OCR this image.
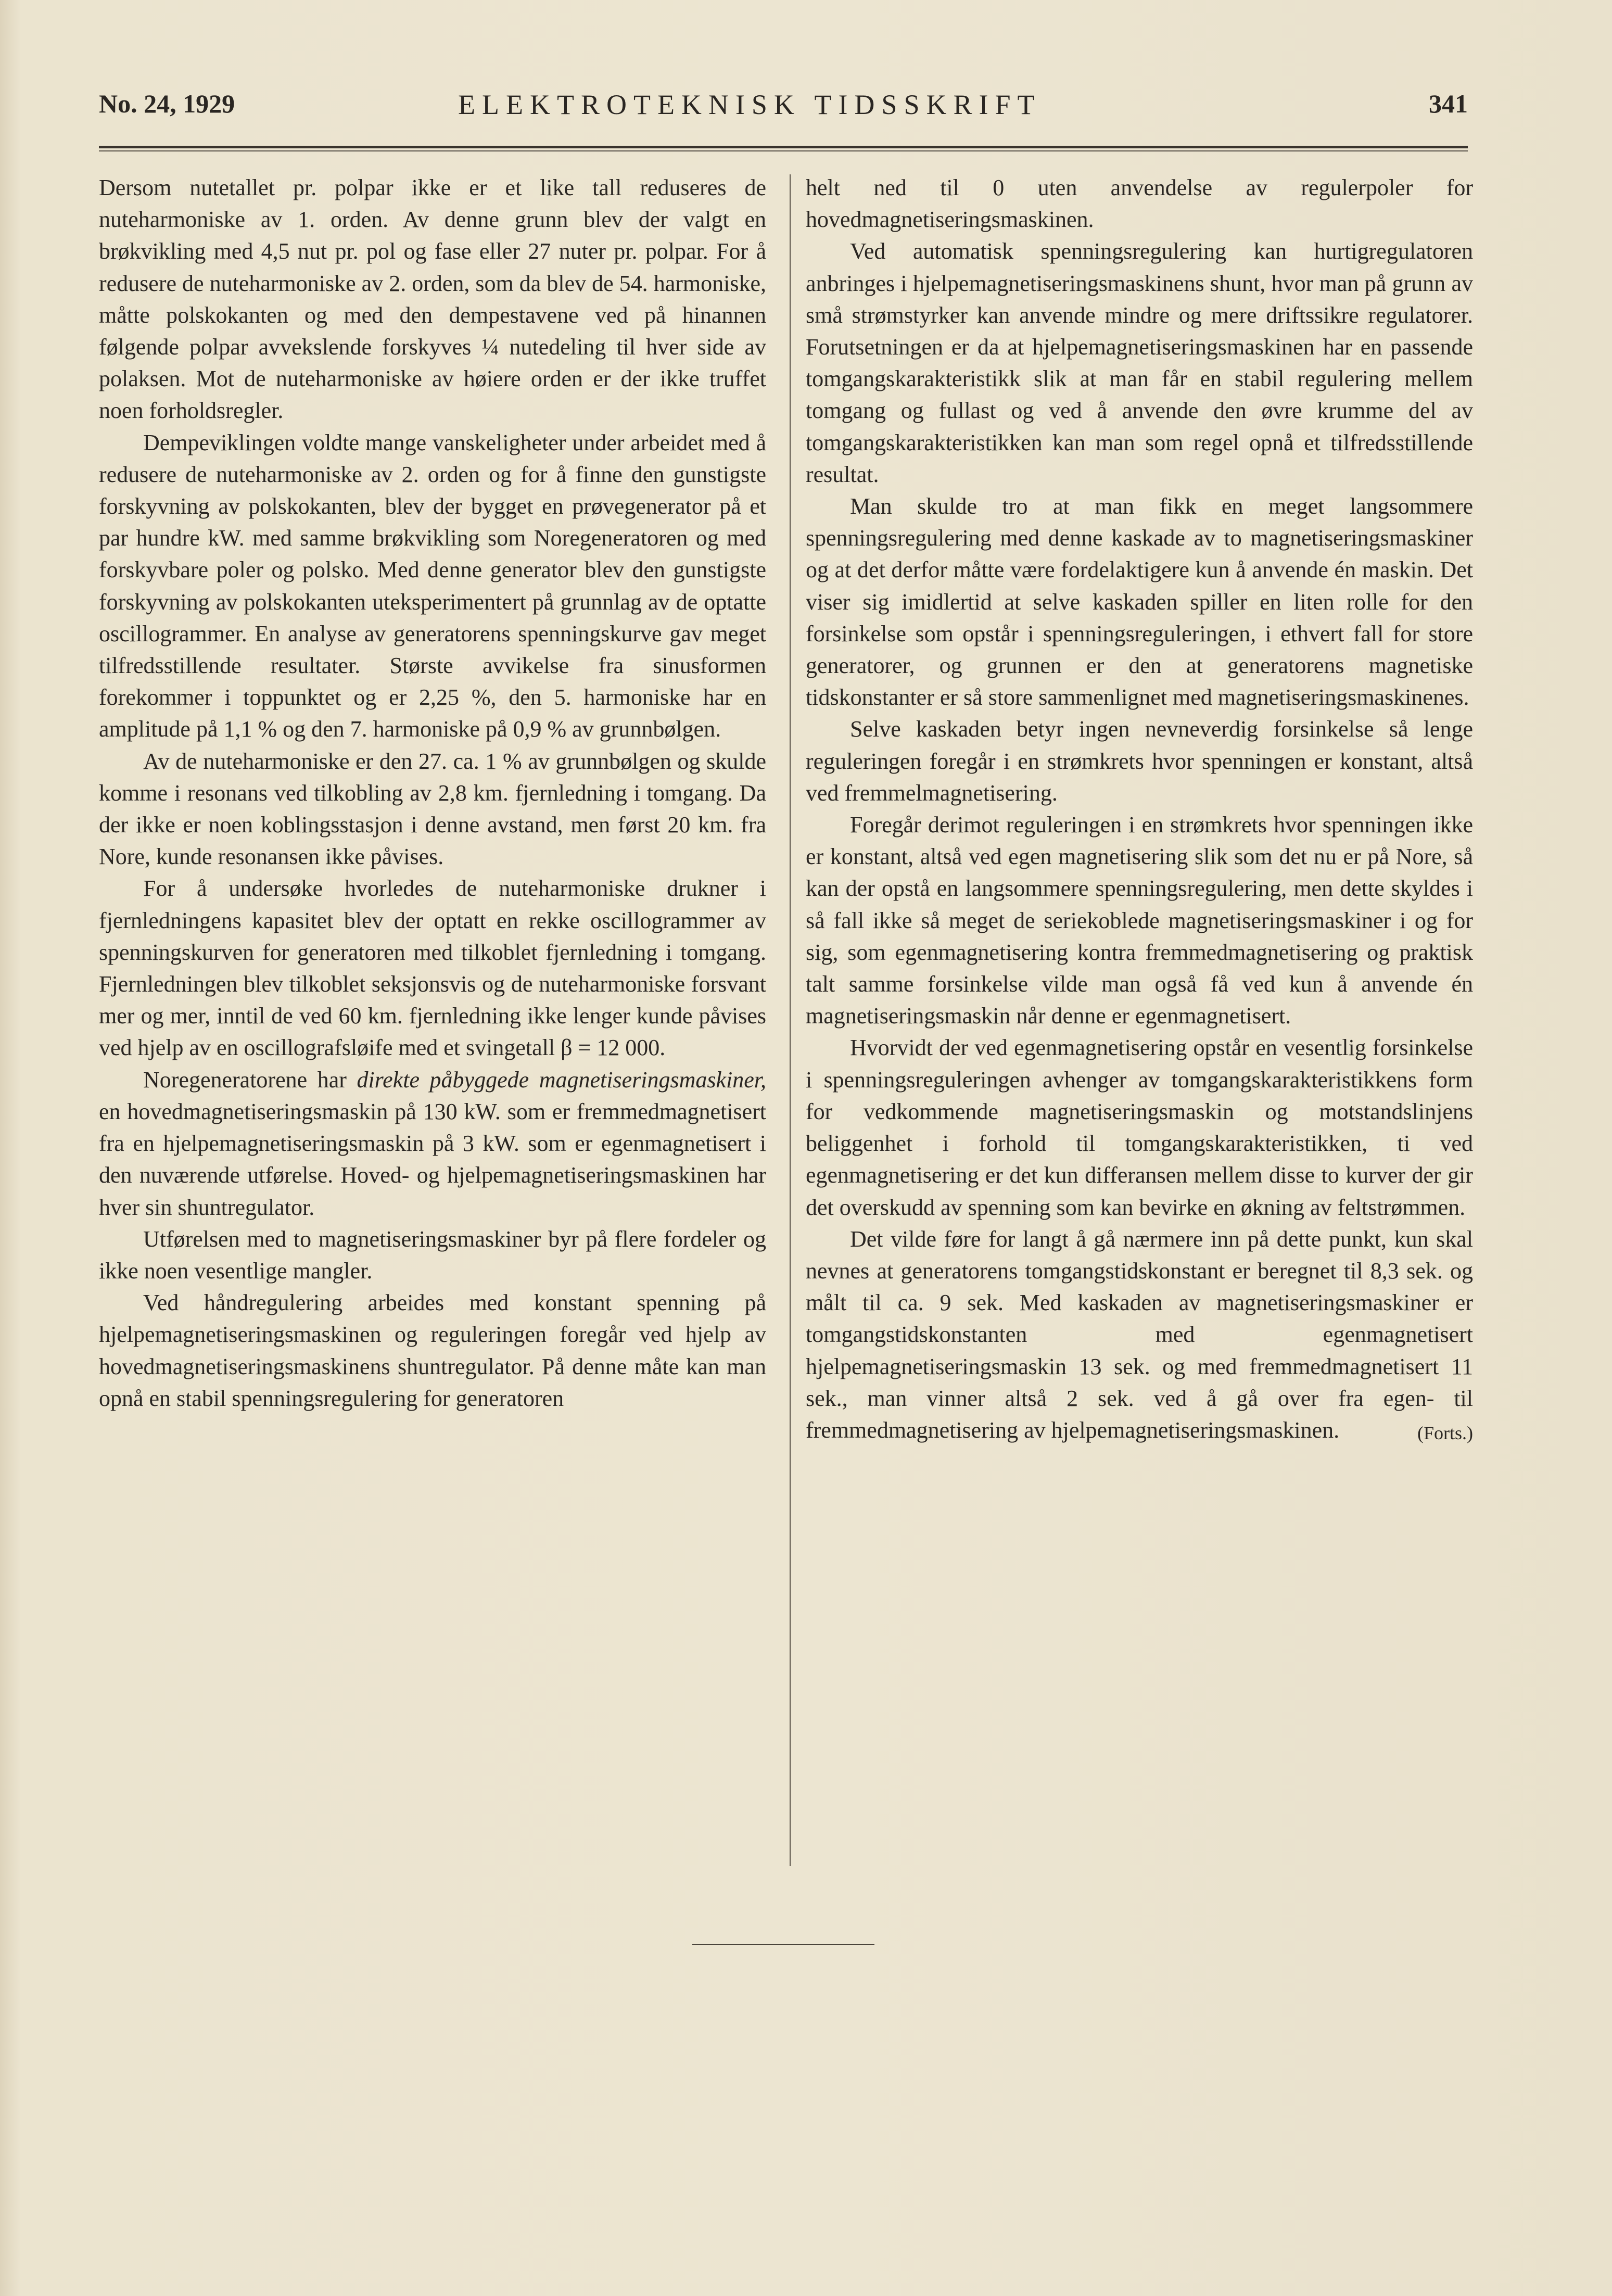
No. 24, 1929	ELEKTROTEKNISK TIDSSKRIFT	341

Dersom nutetallet pr. polpar ikke er et like tall reduseres de nuteharmoniske av 1. orden. Av denne grunn blev der valgt en brøkvikling med 4,5 nut pr. pol og fase eller 27 nuter pr. polpar. For å redusere de nuteharmoniske av 2. orden, som da blev de 54. harmoniske, måtte polskokanten og med den dempestavene ved på hinannen følgende polpar avvekslende forskyves ¼ nutedeling til hver side av polaksen. Mot de nuteharmoniske av høiere orden er der ikke truffet noen forholdsregler.

Dempeviklingen voldte mange vanskeligheter under arbeidet med å redusere de nuteharmoniske av 2. orden og for å finne den gunstigste forskyvning av polskokanten, blev der bygget en prøvegenerator på et par hundre kW. med samme brøkvikling som Noregeneratoren og med forskyvbare poler og polsko. Med denne generator blev den gunstigste forskyvning av polskokanten uteksperimentert på grunnlag av de optatte oscillogrammer. En analyse av generatorens spenningskurve gav meget tilfredsstillende resultater. Største avvikelse fra sinusformen forekommer i toppunktet og er 2,25 %, den 5. harmoniske har en amplitude på 1,1 % og den 7. harmoniske på 0,9 % av grunnbølgen.

Av de nuteharmoniske er den 27. ca. 1 % av grunnbølgen og skulde komme i resonans ved tilkobling av 2,8 km. fjernledning i tomgang. Da der ikke er noen koblingsstasjon i denne avstand, men først 20 km. fra Nore, kunde resonansen ikke påvises.

For å undersøke hvorledes de nuteharmoniske drukner i fjernledningens kapasitet blev der optatt en rekke oscillogrammer av spenningskurven for generatoren med tilkoblet fjernledning i tomgang. Fjernledningen blev tilkoblet seksjonsvis og de nuteharmoniske forsvant mer og mer, inntil de ved 60 km. fjernledning ikke lenger kunde påvises ved hjelp av en oscillografsløife med et svingetall β = 12 000.

Noregeneratorene har direkte påbyggede magnetiseringsmaskiner, en hovedmagnetiseringsmaskin på 130 kW. som er fremmedmagnetisert fra en hjelpemagnetiseringsmaskin på 3 kW. som er egenmagnetisert i den nuværende utførelse. Hoved- og hjelpemagnetiseringsmaskinen har hver sin shuntregulator.

Utførelsen med to magnetiseringsmaskiner byr på flere fordeler og ikke noen vesentlige mangler.

Ved håndregulering arbeides med konstant spenning på hjelpemagnetiseringsmaskinen og reguleringen foregår ved hjelp av hovedmagnetiseringsmaskinens shuntregulator. På denne måte kan man opnå en stabil spenningsregulering for generatoren

helt ned til 0 uten anvendelse av regulerpoler for hovedmagnetiseringsmaskinen.

Ved automatisk spenningsregulering kan hurtigregulatoren anbringes i hjelpemagnetiseringsmaskinens shunt, hvor man på grunn av små strømstyrker kan anvende mindre og mere driftssikre regulatorer. Forutsetningen er da at hjelpemagnetiseringsmaskinen har en passende tomgangskarakteristikk slik at man får en stabil regulering mellem tomgang og fullast og ved å anvende den øvre krumme del av tomgangskarakteristikken kan man som regel opnå et tilfredsstillende resultat.

Man skulde tro at man fikk en meget langsommere spenningsregulering med denne kaskade av to magnetiseringsmaskiner og at det derfor måtte være fordelaktigere kun å anvende én maskin. Det viser sig imidlertid at selve kaskaden spiller en liten rolle for den forsinkelse som opstår i spenningsreguleringen, i ethvert fall for store generatorer, og grunnen er den at generatorens magnetiske tidskonstanter er så store sammenlignet med magnetiseringsmaskinenes.

Selve kaskaden betyr ingen nevneverdig forsinkelse så lenge reguleringen foregår i en strømkrets hvor spenningen er konstant, altså ved fremmelmagnetisering.

Foregår derimot reguleringen i en strømkrets hvor spenningen ikke er konstant, altså ved egen magnetisering slik som det nu er på Nore, så kan der opstå en langsommere spenningsregulering, men dette skyldes i så fall ikke så meget de seriekoblede magnetiseringsmaskiner i og for sig, som egenmagnetisering kontra fremmedmagnetisering og praktisk talt samme forsinkelse vilde man også få ved kun å anvende én magnetiseringsmaskin når denne er egenmagnetisert.

Hvorvidt der ved egenmagnetisering opstår en vesentlig forsinkelse i spenningsreguleringen avhenger av tomgangskarakteristikkens form for vedkommende magnetiseringsmaskin og motstandslinjens beliggenhet i forhold til tomgangskarakteristikken, ti ved egenmagnetisering er det kun differansen mellem disse to kurver der gir det overskudd av spenning som kan bevirke en økning av feltstrømmen.

Det vilde føre for langt å gå nærmere inn på dette punkt, kun skal nevnes at generatorens tomgangstidskonstant er beregnet til 8,3 sek. og målt til ca. 9 sek. Med kaskaden av magnetiseringsmaskiner er tomgangstidskonstanten med egenmagnetisert hjelpemagnetiseringsmaskin 13 sek. og med fremmedmagnetisert 11 sek., man vinner altså 2 sek. ved å gå over fra egen- til fremmedmagnetisering av hjelpemagnetiseringsmaskinen.	(Forts.)
